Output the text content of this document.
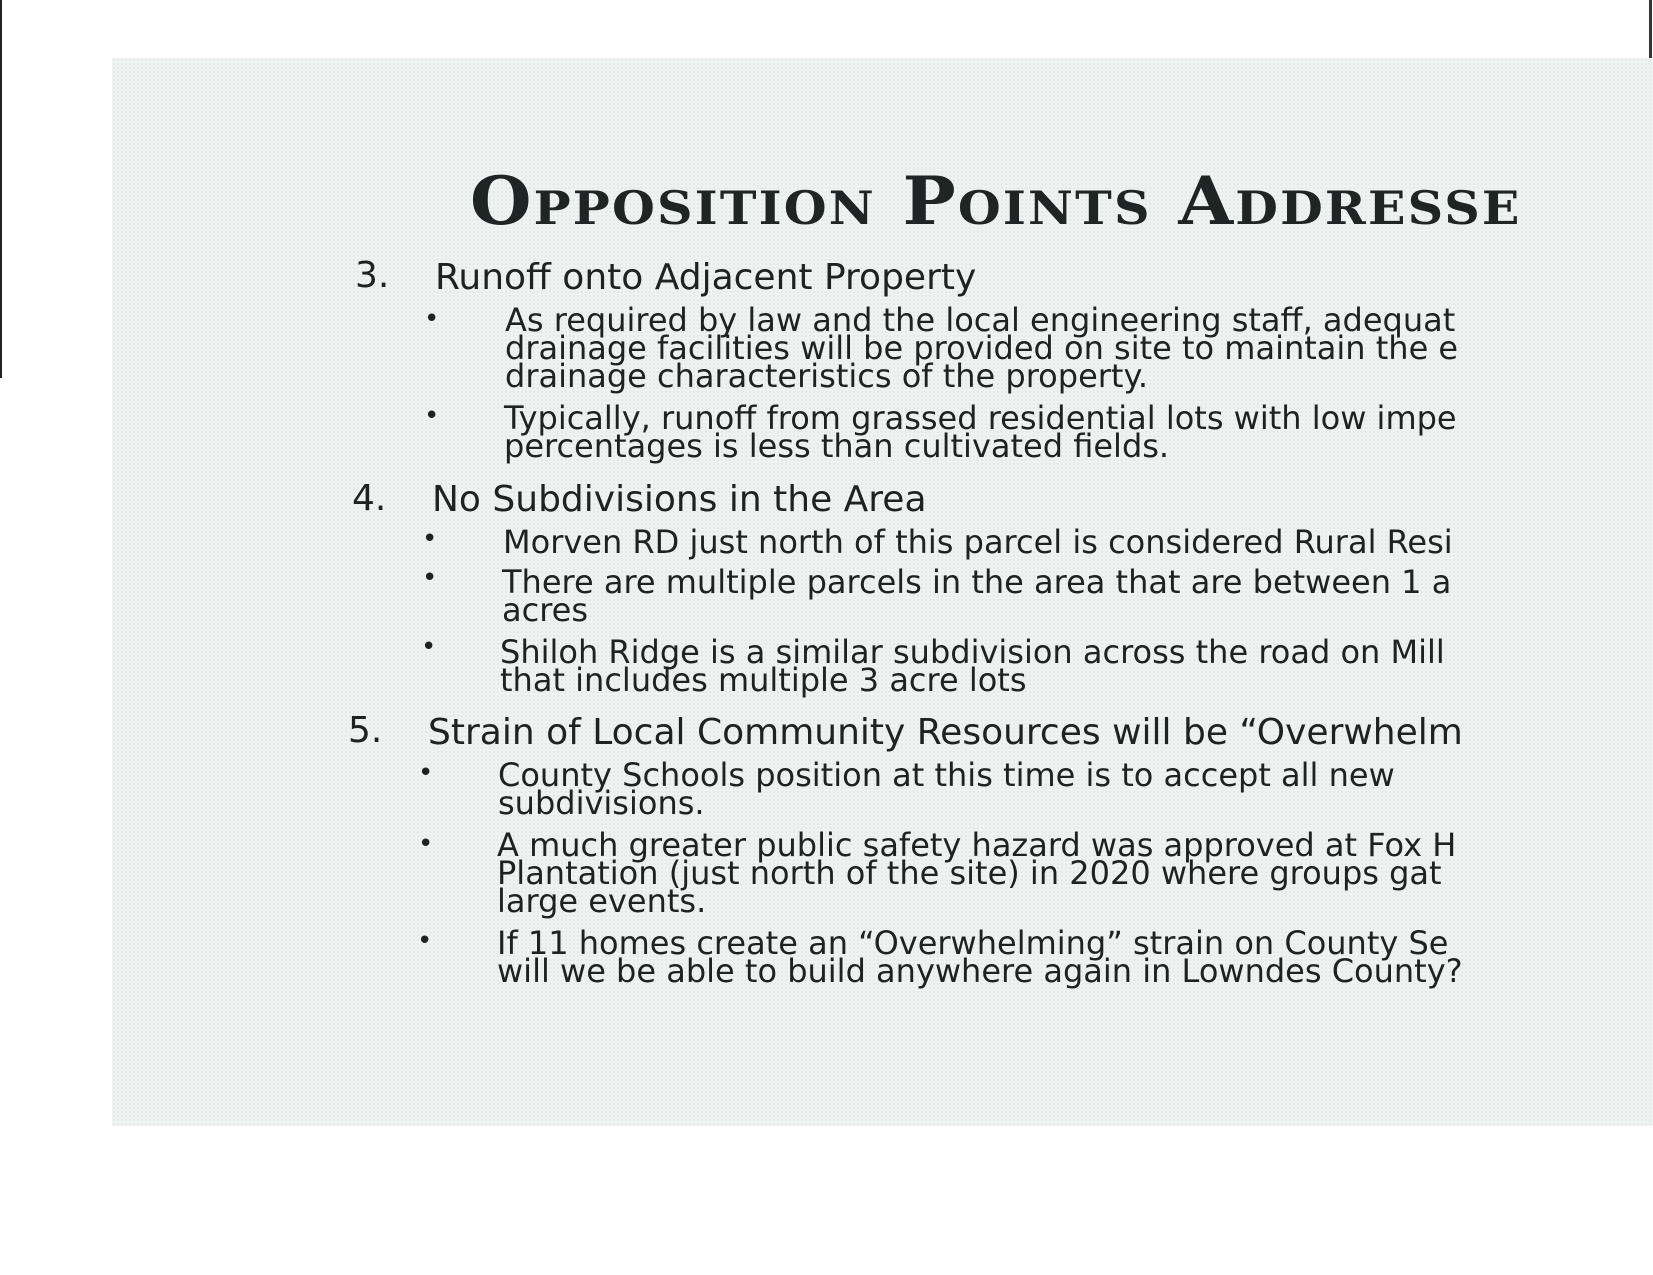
Opposition Points Addresse
3. Runoff onto Adjacent Property
• As required by law and the local engineering staff, adequat
drainage facilities will be provided on site to maintain the e
drainage characteristics of the property.
• Typically, runoff from grassed residential lots with low impe
percentages is less than cultivated fields.
4. No Subdivisions in the Area
• Morven RD just north of this parcel is considered Rural Resi
• There are multiple parcels in the area that are between 1 a
acres
• Shiloh Ridge is a similar subdivision across the road on Mill
that includes multiple 3 acre lots
5. Strain of Local Community Resources will be “Overwhelm
• County Schools position at this time is to accept all new
subdivisions.
• A much greater public safety hazard was approved at Fox H
Plantation (just north of the site) in 2020 where groups gat
large events.
• If 11 homes create an “Overwhelming” strain on County Se
will we be able to build anywhere again in Lowndes County?
